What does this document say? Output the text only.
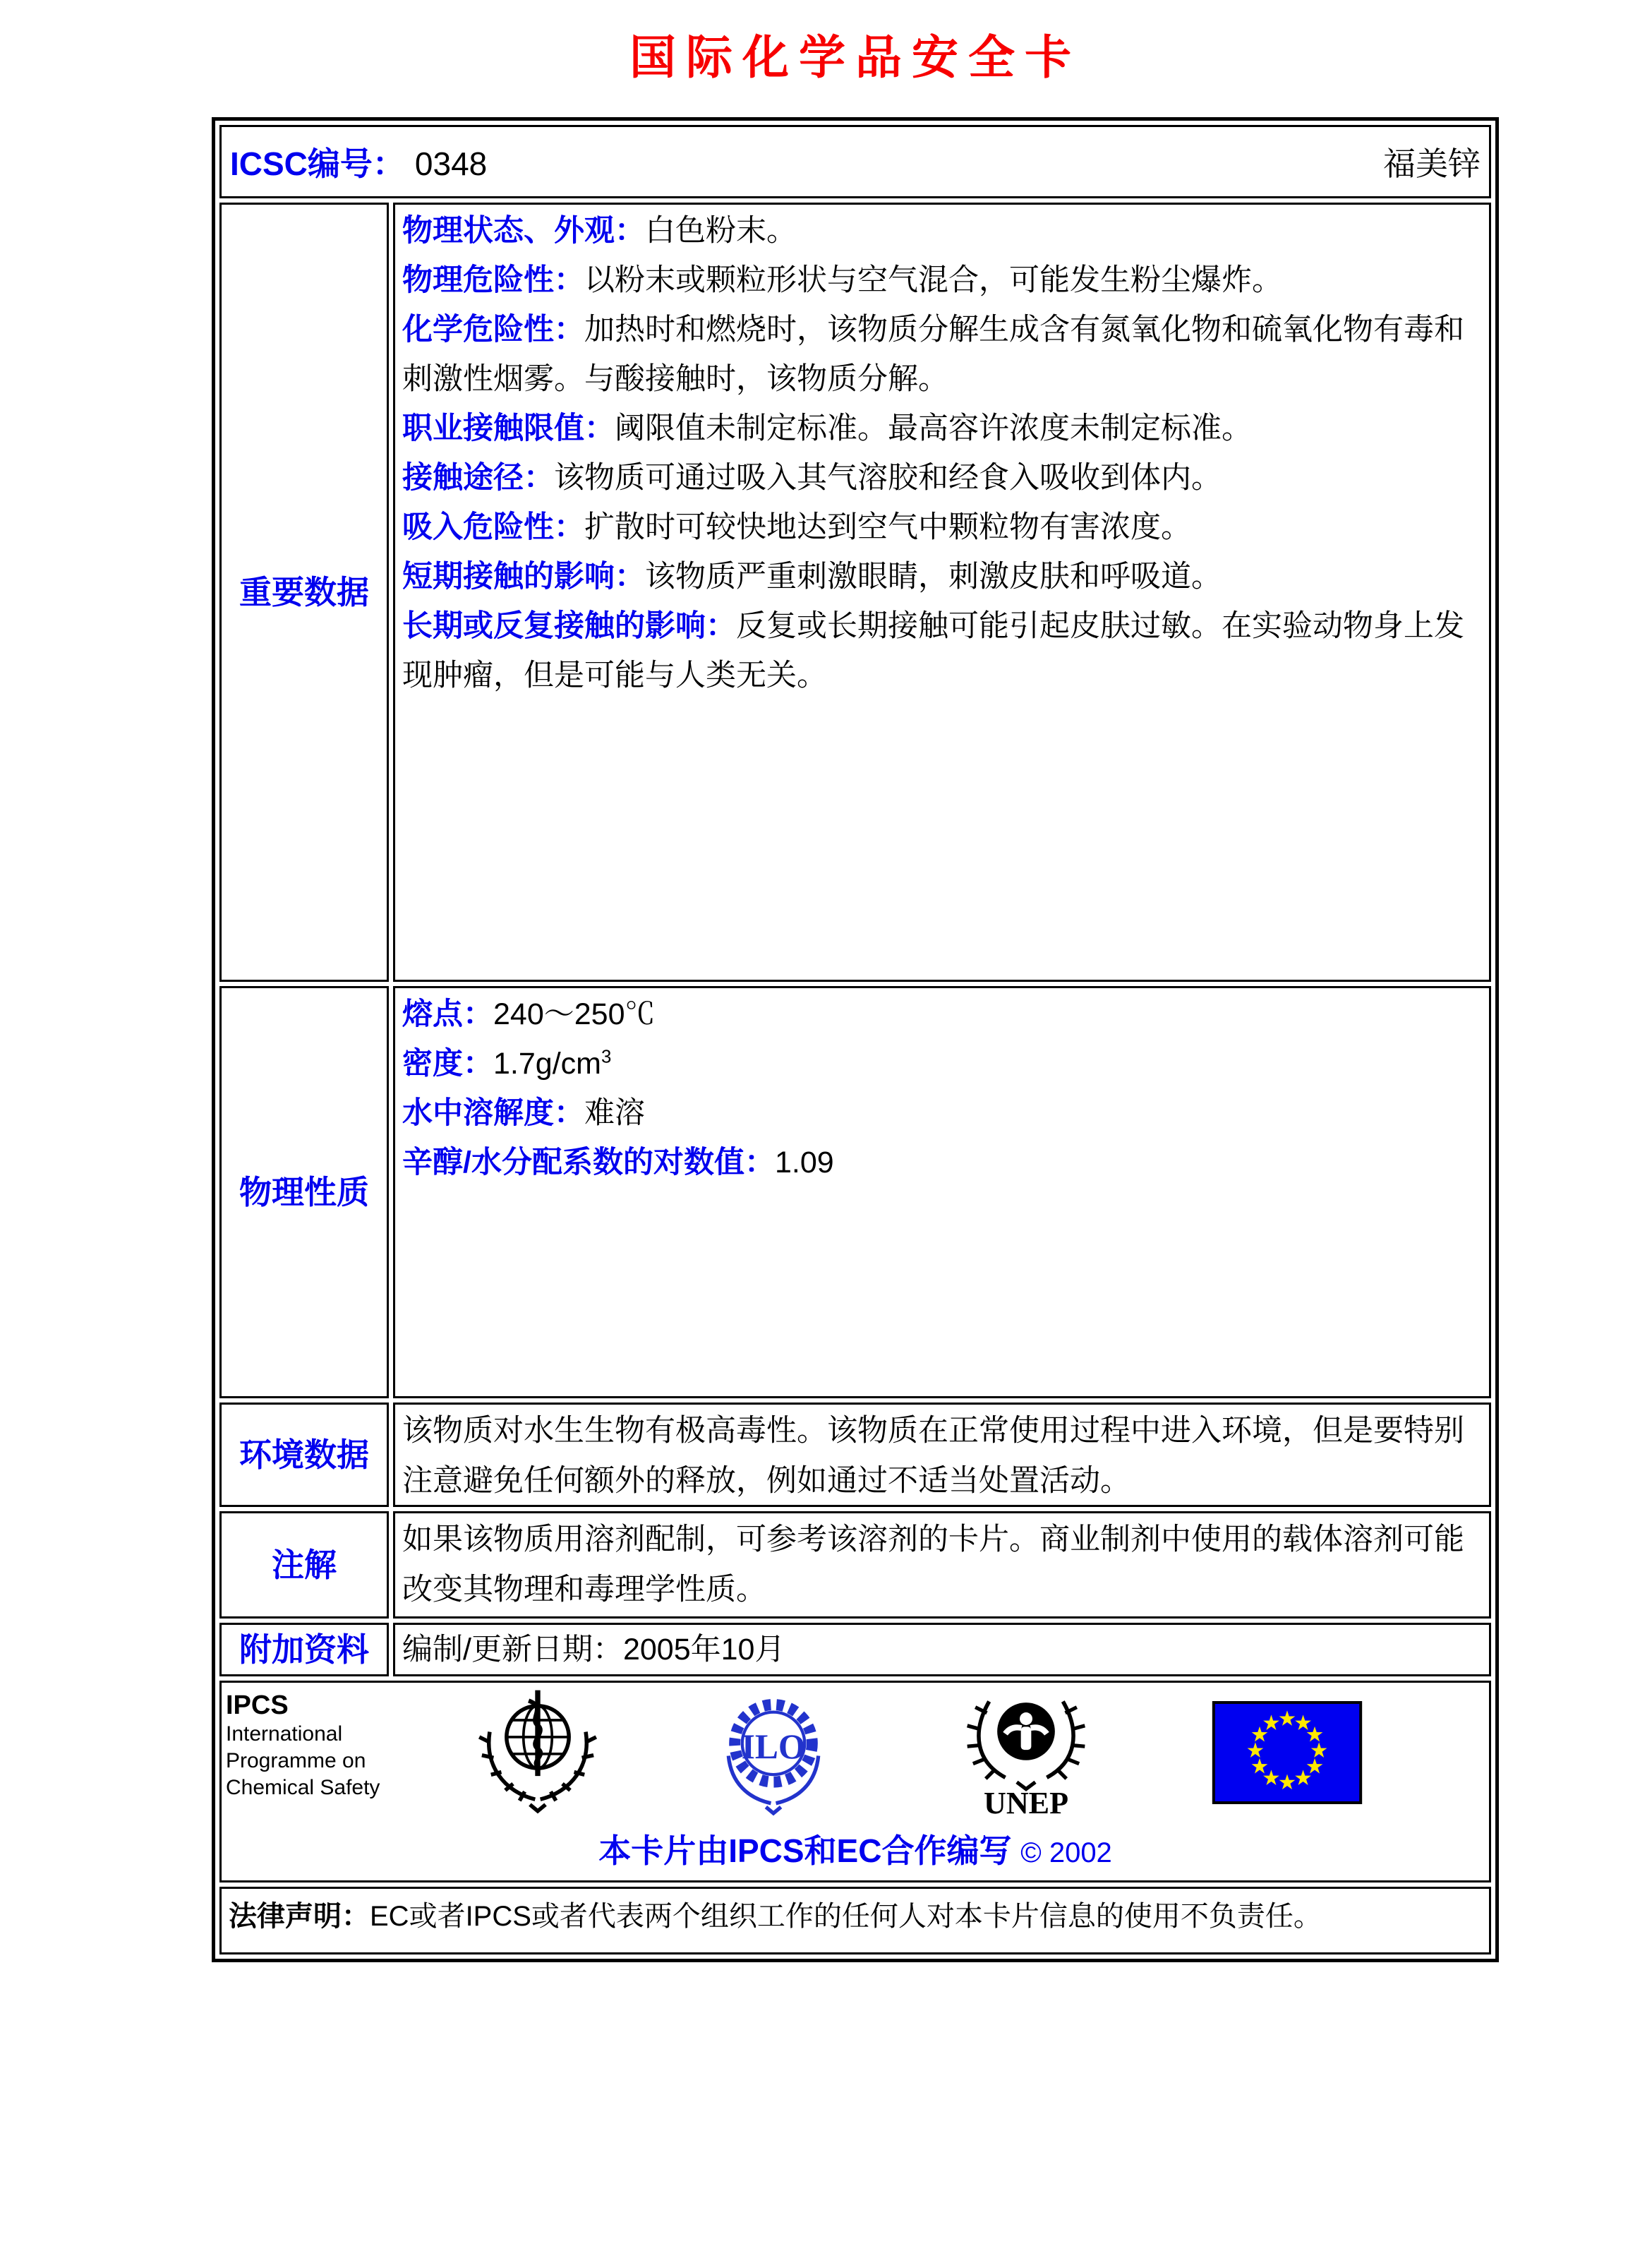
国际化学品安全卡
ICSC编号： 0348	福美锌
重要数据

物理状态、外观：白色粉末。

物理危险性：以粉末或颗粒形状与空气混合，可能发生粉尘爆炸。

化学危险性：加热时和燃烧时，该物质分解生成含有氮氧化物和硫氧化物有毒和刺激性烟雾。与酸接触时，该物质分解。

职业接触限值：阈限值未制定标准。最高容许浓度未制定标准。

接触途径：该物质可通过吸入其气溶胶和经食入吸收到体内。

吸入危险性：扩散时可较快地达到空气中颗粒物有害浓度。

短期接触的影响：该物质严重刺激眼睛，刺激皮肤和呼吸道。

长期或反复接触的影响：反复或长期接触可能引起皮肤过敏。在实验动物身上发现肿瘤，但是可能与人类无关。

物理性质

熔点：240～250℃

密度：$1.7g/cm^3$

水中溶解度：难溶

辛醇/水分配系数的对数值：1.09

环境数据
该物质对水生生物有极高毒性。该物质在正常使用过程中进入环境，但是要特别注意避免任何额外的释放，例如通过不适当处置活动。
注解
如果该物质用溶剂配制，可参考该溶剂的卡片。商业制剂中使用的载体溶剂可能改变其物理和毒理学性质。
附加资料	编制/更新日期：2005年10月
IPCS
International
Programme on
Chemical Safety
ILO
UNEP
本卡片由IPCS和EC合作编写 © 2002
法律声明：EC或者IPCS或者代表两个组织工作的任何人对本卡片信息的使用不负责任。
